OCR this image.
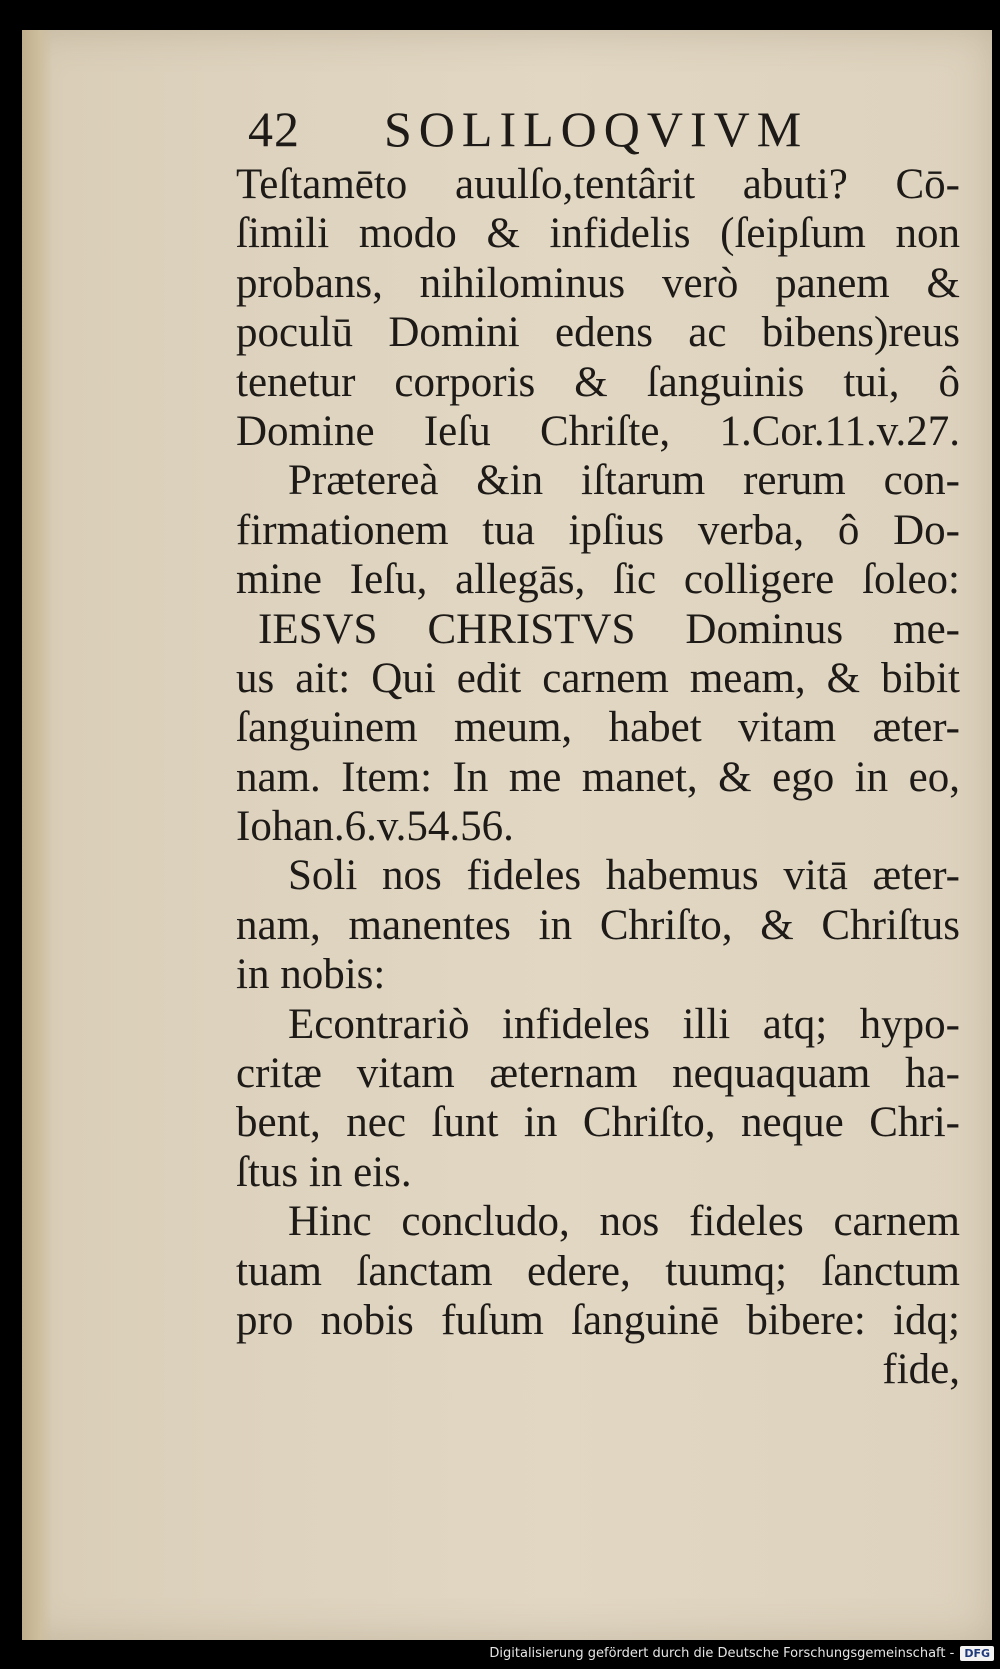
42 SOLILOQVIVM
Teſtamēto auulſo,tentârit abuti? Cō-
ſimili modo & infidelis (ſeipſum non
probans, nihilominus verò panem &
poculū Domini edens ac bibens)reus
tenetur corporis & ſanguinis tui, ô
Domine Ieſu Chriſte, 1.Cor.11.v.27.
Prætereà &in iſtarum rerum con-
firmationem tua ipſius verba, ô Do-
mine Ieſu, allegās, ſic colligere ſoleo:
IESVS CHRISTVS Dominus me-
us ait: Qui edit carnem meam, & bibit
ſanguinem meum, habet vitam æter-
nam. Item: In me manet, & ego in eo,
Iohan.6.v.54.56.
Soli nos fideles habemus vitā æter-
nam, manentes in Chriſto, & Chriſtus
in nobis:
Econtrariò infideles illi atq; hypo-
critæ vitam æternam nequaquam ha-
bent, nec ſunt in Chriſto, neque Chri-
ſtus in eis.
Hinc concludo, nos fideles carnem
tuam ſanctam edere, tuumq; ſanctum
pro nobis fuſum ſanguinē bibere: idq;
fide,
Digitalisierung gefördert durch die Deutsche Forschungsgemeinschaft - DFG
